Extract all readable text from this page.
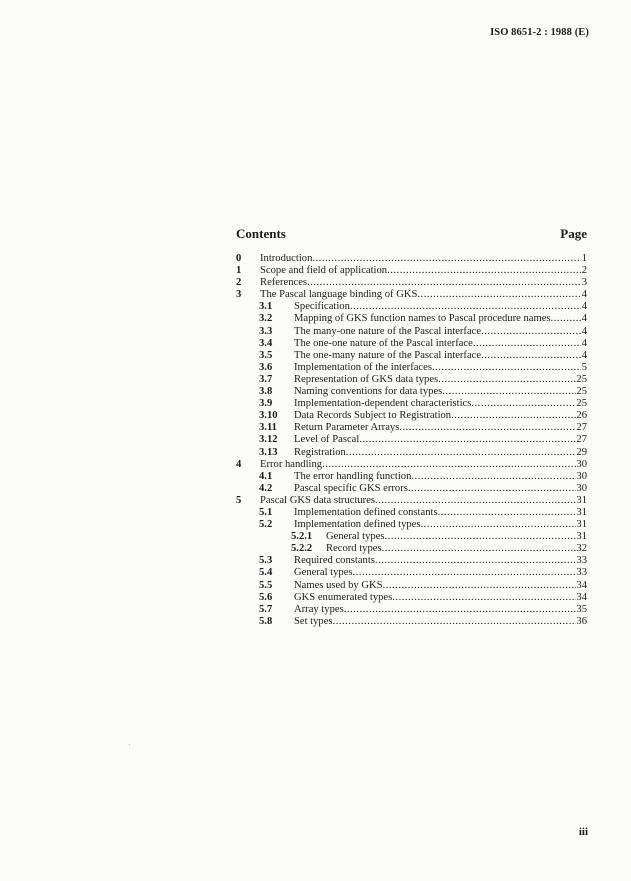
ISO 8651-2 : 1988 (E)
Contents	Page
0	Introduction .....	1
1	Scope and field of application .....	2
2	References .....	3
3	The Pascal language binding of GKS .....	4
3.1	Specification .....	4
3.2	Mapping of GKS function names to Pascal procedure names .....	4
3.3	The many-one nature of the Pascal interface .....	4
3.4	The one-one nature of the Pascal interface .....	4
3.5	The one-many nature of the Pascal interface .....	4
3.6	Implementation of the interfaces .....	5
3.7	Representation of GKS data types .....	25
3.8	Naming conventions for data types .....	25
3.9	Implementation-dependent characteristics .....	25
3.10	Data Records Subject to Registration .....	26
3.11	Return Parameter Arrays .....	27
3.12	Level of Pascal .....	27
3.13	Registration .....	29
4	Error handling .....	30
4.1	The error handling function .....	30
4.2	Pascal specific GKS errors .....	30
5	Pascal GKS data structures .....	31
5.1	Implementation defined constants .....	31
5.2	Implementation defined types .....	31
5.2.1	General types .....	31
5.2.2	Record types .....	32
5.3	Required constants .....	33
5.4	General types .....	33
5.5	Names used by GKS .....	34
5.6	GKS enumerated types .....	34
5.7	Array types .....	35
5.8	Set types .....	36
iii
